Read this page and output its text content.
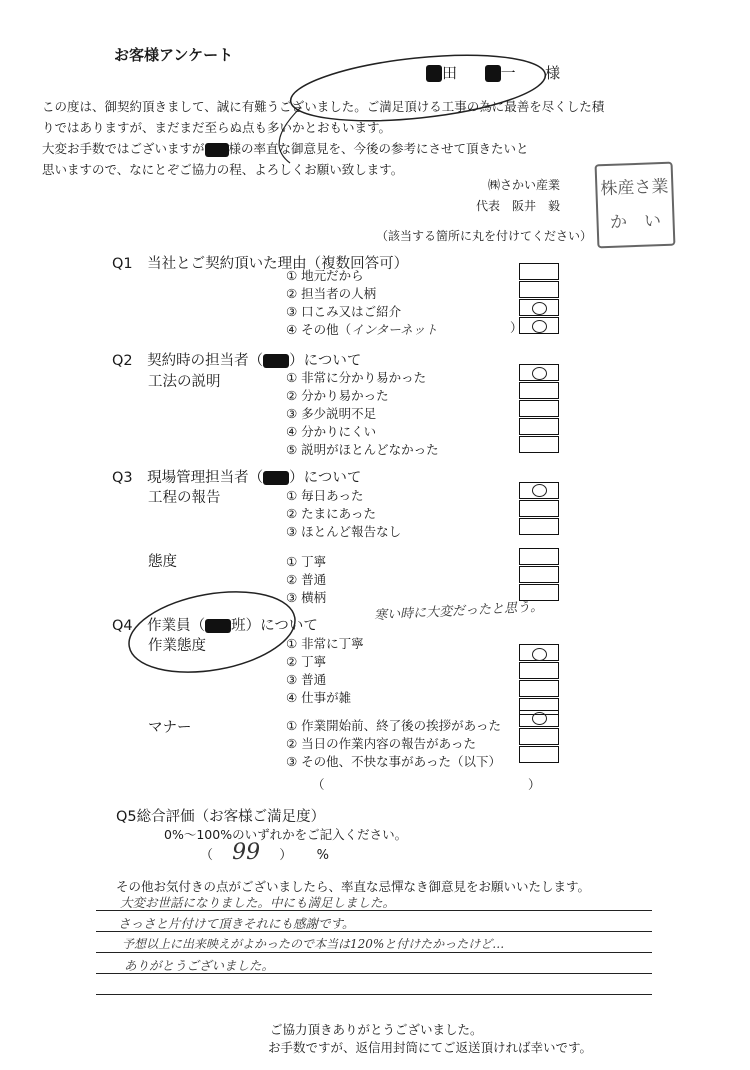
お客様アンケート
田	一 様
この度は、御契約頂きまして、誠に有難うございました。ご満足頂ける工事の為に最善を尽くした積
りではありますが、まだまだ至らぬ点も多いかとおもいます。
大変お手数ではございますが 様の率直な御意見を、今後の参考にさせて頂きたいと
思いますので、なにとぞご協力の程、よろしくお願い致します。
㈱さかい産業
代表　阪井　毅
株産 さ業
か い
（該当する箇所に丸を付けてください）
Q1　当社とご契約頂いた理由（複数回答可）
① 地元だから
② 担当者の人柄
③ 口こみ又はご紹介
④ その他（インターネット	）
Q2　契約時の担当者（ ）について
工法の説明	① 非常に分かり易かった
② 分かり易かった
③ 多少説明不足
④ 分かりにくい
⑤ 説明がほとんどなかった
Q3　現場管理担当者（ ）について
工程の報告	① 毎日あった
② たまにあった
③ ほとんど報告なし
態度	① 丁寧
② 普通
③ 横柄
Q4　作業員（ 班）について
寒い時に大変だったと思う。
作業態度	① 非常に丁寧
② 丁寧
③ 普通
④ 仕事が雑
マナー	① 作業開始前、終了後の挨拶があった
② 当日の作業内容の報告があった
③ その他、不快な事があった（以下）
（	）
Q5総合評価（お客様ご満足度）
0%～100%のいずれかをご記入ください。
（ 99 ） %
その他お気付きの点がございましたら、率直な忌憚なき御意見をお願いいたします。
大変お世話になりました。中にも満足しました。
さっさと片付けて頂きそれにも感謝です。
予想以上に出来映えがよかったので本当は120%と付けたかったけど…
ありがとうございました。
ご協力頂きありがとうございました。
お手数ですが、返信用封筒にてご返送頂ければ幸いです。
